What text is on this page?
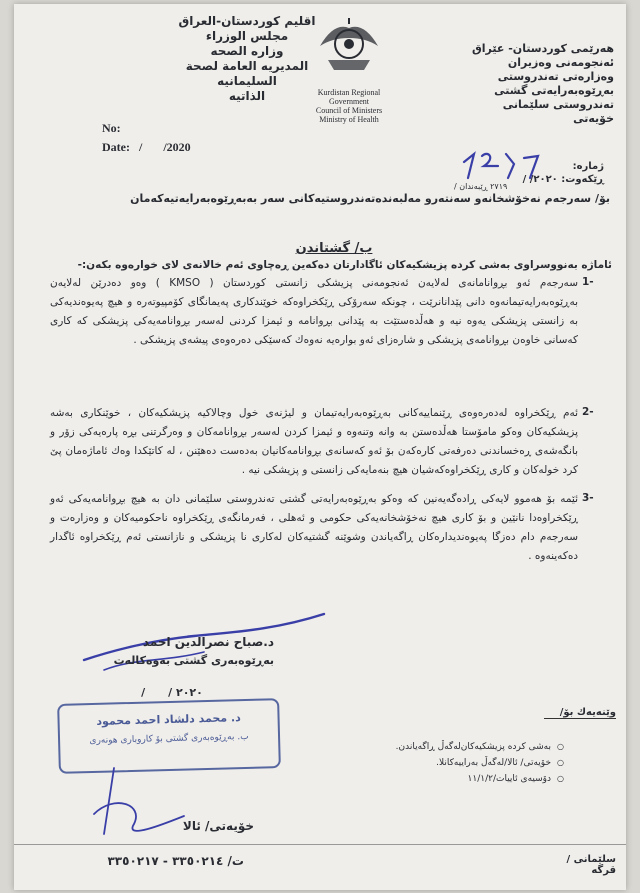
اقليم كوردستان-العراق
مجلس الوزراء
وزاره الصحه
المديريه العامة لصحة السليمانيه
الذاتيه	Kurdistan Regional
Government
Council of Ministers
Ministry of Health
هەرێمی كوردستان- عێراق
ئەنجومەنی وەزیران
وەزارەتی تەندروستی
بەڕێوەبەرایەتی گشتی تەندروستی سلێمانی
خۆیەتی
No:
Date: /       /2020
ژمارە:
ڕێكەوت: ٢٠٢٠/ /
٢٧١٩ ڕێبەندان /
بۆ/ سەرجەم نەخۆشخانەو سەنتەرو مەلبەندەتەندروستیەكانی سەر بەبەڕێوەبەرایەتیەكەمان
ب/ گشتاندن
ئاماژە بەنووسراوی بەشی كردە پزیشكیەكان ئاگادارتان دەكەین ڕەچاوی ئەم خالانەی لای خوارەوە بكەن:-
1-
سەرجەم ئەو بڕوانامانەی لەلایەن ئەنجومەنی پزیشكی زانستی كوردستان ( KMSO ) وەو دەدرێن لەلایەن بەڕێوەبەرایەتیمانەوە دانی پێدانانرێت ، چونكە سەرۆكی ڕێكخراوەكە خوێندكاری پەیمانگای كۆمپیوتەرە و هیچ پەیوەندیەكی بە زانستی پزیشكی یەوە نیە و هەڵدەستێت بە پێدانی بڕوانامە و ئیمزا كردنی لەسەر بڕوانامەیەكی پزیشكی كە كاری كەسانی خاوەن بڕوانامەی پزیشكی و شارەزای ئەو بوارەیە نەوەك كەسێكی دەرەوەی پیشەی پزیشكی .
2-
ئەم ڕێكخراوە لەدەرەوەی ڕێنماییەكانی بەڕێوەبەرایەتیمان و لیژنەی خول وچالاكیە پزیشكیەكان ، خوێنكاری بەشە پزیشكیەكان وەكو مامۆستا هەڵدەستن بە وانە وتنەوە و ئیمزا كردن لەسەر بڕوانامەكان و وەرگرتنی بڕە پارەیەكی زۆر و بانگەشەی ڕەخساندنی دەرفەتی كارەكەن بۆ ئەو كەسانەی بڕوانامەكانیان بەدەست دەهێنن ، لە كاتێكدا وەك ئاماژەمان پێ كرد خولەكان و كاری ڕێكخراوەكەشیان هیچ بنەمایەكی زانستی و پزیشكی نیە .
3-
ئێمە بۆ هەموو لایەكی ڕادەگەیەنین كە وەكو بەڕێوەبەرایەتی گشتی تەندروستی سلێمانی دان بە هیچ بڕوانامەیەكی ئەو ڕێكخراوەدا نانێین و بۆ كاری هیچ نەخۆشخانەیەكی حكومی و ئەهلی ، فەرمانگەی ڕێكخراوە ناحكومیەكان و وەزارەت و سەرجەم دام دەزگا پەیوەندیدارەكان ڕاگەیاندن وشوێنە گشتیەكان لەكاری نا پزیشكی و نازانستی ئەم ڕێكخراوە ئاگدار دەكەینەوە .
د.صباح نصرالدين احمد
بەڕێوەبەری گشتی بەوەكالەت
٢٠٢٠ /      /
د. محمد دلشاد احمد محمود
ب. بەڕێوەبەری گشتی بۆ كاروباری هونەری
وێنەیەك بۆ/
○ بەشی كردە پزیشكیەكان‌لەگەڵ ڕاگەیاندن.
○ خۆیەتی/ ئالا/لەگەڵ بەراییەكانلا.
○ دۆسیەی ئاییات/١١/١/٢
خۆیەتی/ ئالا
ت/ ٣٣٥٠٢١٤ - ٣٣٥٠٢١٧	سلێمانی / قرگە
